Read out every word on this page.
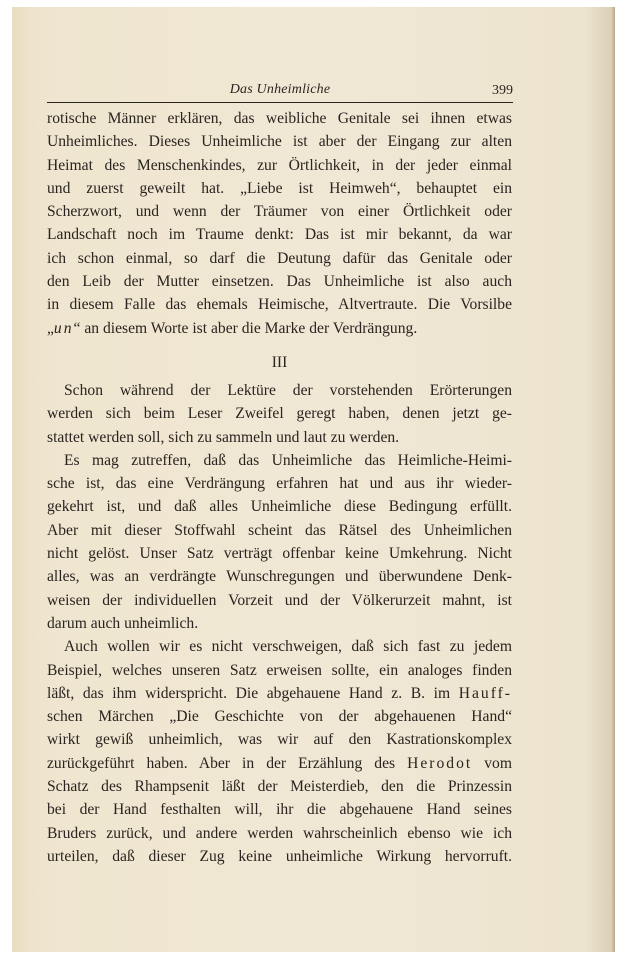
Das Unheimliche	399
rotische Männer erklären, das weibliche Genitale sei ihnen etwas
Unheimliches. Dieses Unheimliche ist aber der Eingang zur alten
Heimat des Menschenkindes, zur Örtlichkeit, in der jeder einmal
und zuerst geweilt hat. „Liebe ist Heimweh“, behauptet ein
Scherzwort, und wenn der Träumer von einer Örtlichkeit oder
Landschaft noch im Traume denkt: Das ist mir bekannt, da war
ich schon einmal, so darf die Deutung dafür das Genitale oder
den Leib der Mutter einsetzen. Das Unheimliche ist also auch
in diesem Falle das ehemals Heimische, Altvertraute. Die Vorsilbe
„un“ an diesem Worte ist aber die Marke der Verdrängung.
III
Schon während der Lektüre der vorstehenden Erörterungen
werden sich beim Leser Zweifel geregt haben, denen jetzt ge-
stattet werden soll, sich zu sammeln und laut zu werden.
Es mag zutreffen, daß das Unheimliche das Heimliche-Heimi-
sche ist, das eine Verdrängung erfahren hat und aus ihr wieder-
gekehrt ist, und daß alles Unheimliche diese Bedingung erfüllt.
Aber mit dieser Stoffwahl scheint das Rätsel des Unheimlichen
nicht gelöst. Unser Satz verträgt offenbar keine Umkehrung. Nicht
alles, was an verdrängte Wunschregungen und überwundene Denk-
weisen der individuellen Vorzeit und der Völkerurzeit mahnt, ist
darum auch unheimlich.
Auch wollen wir es nicht verschweigen, daß sich fast zu jedem
Beispiel, welches unseren Satz erweisen sollte, ein analoges finden
läßt, das ihm widerspricht. Die abgehauene Hand z. B. im Hauff-
schen Märchen „Die Geschichte von der abgehauenen Hand“
wirkt gewiß unheimlich, was wir auf den Kastrationskomplex
zurückgeführt haben. Aber in der Erzählung des Herodot vom
Schatz des Rhampsenit läßt der Meisterdieb, den die Prinzessin
bei der Hand festhalten will, ihr die abgehauene Hand seines
Bruders zurück, und andere werden wahrscheinlich ebenso wie ich
urteilen, daß dieser Zug keine unheimliche Wirkung hervorruft.
